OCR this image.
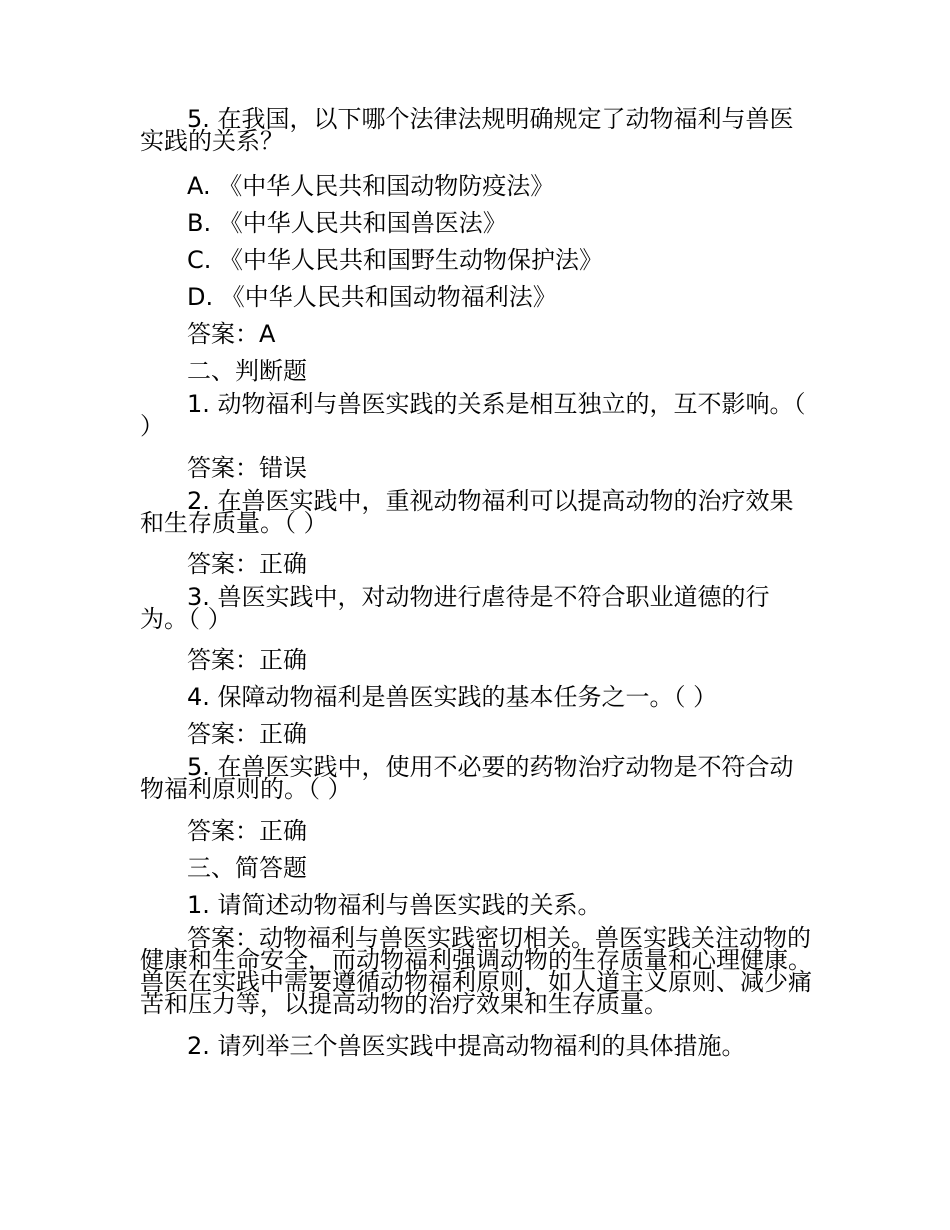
5. 在我国，以下哪个法律法规明确规定了动物福利与兽医实践的关系？

A. 《中华人民共和国动物防疫法》

B. 《中华人民共和国兽医法》

C. 《中华人民共和国野生动物保护法》

D. 《中华人民共和国动物福利法》

答案：A

二、判断题

1. 动物福利与兽医实践的关系是相互独立的，互不影响。（ ）

答案：错误

2. 在兽医实践中，重视动物福利可以提高动物的治疗效果和生存质量。（ ）

答案：正确

3. 兽医实践中，对动物进行虐待是不符合职业道德的行为。（ ）

答案：正确

4. 保障动物福利是兽医实践的基本任务之一。（ ）

答案：正确

5. 在兽医实践中，使用不必要的药物治疗动物是不符合动物福利原则的。（ ）

答案：正确

三、简答题

1. 请简述动物福利与兽医实践的关系。

答案：动物福利与兽医实践密切相关。兽医实践关注动物的健康和生命安全，而动物福利强调动物的生存质量和心理健康。兽医在实践中需要遵循动物福利原则，如人道主义原则、减少痛苦和压力等，以提高动物的治疗效果和生存质量。

2. 请列举三个兽医实践中提高动物福利的具体措施。
